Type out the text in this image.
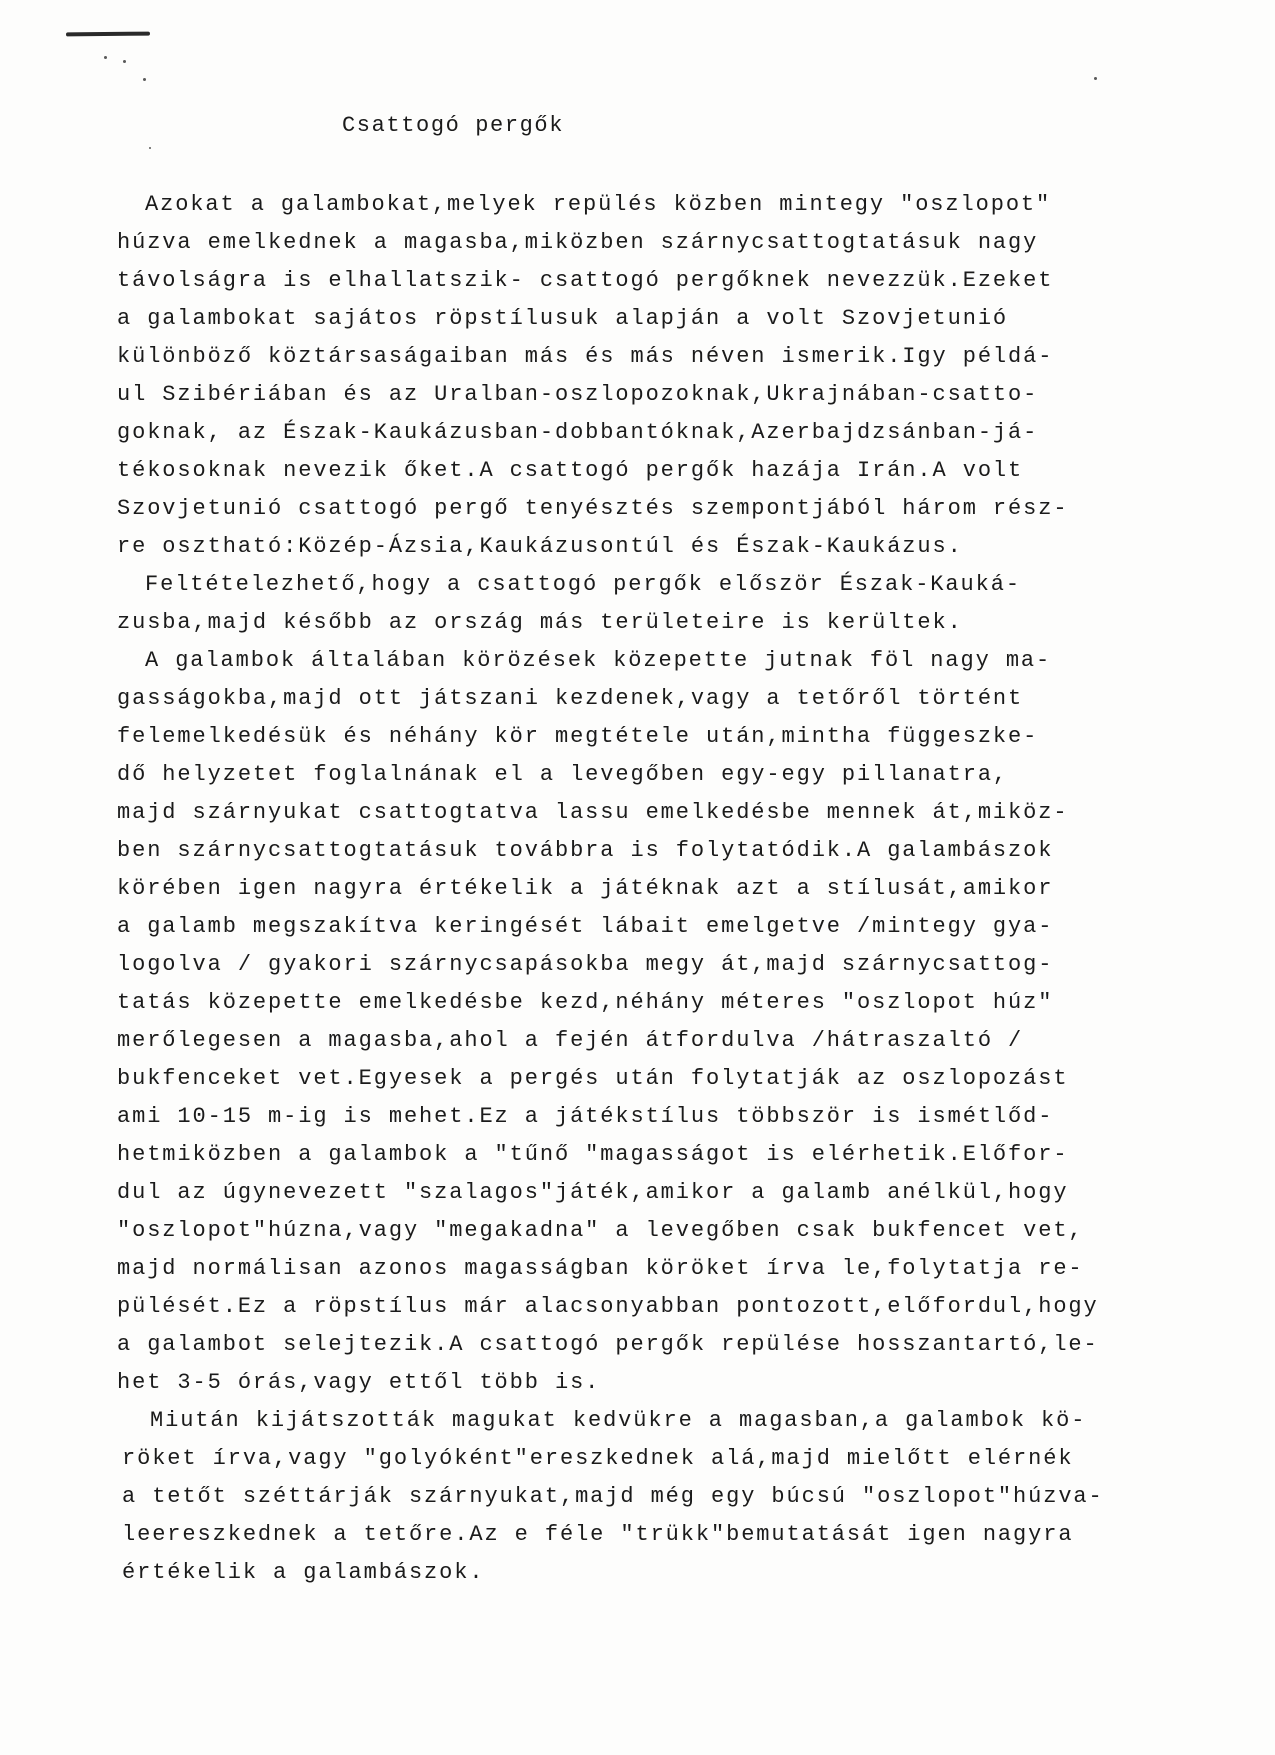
Csattogó pergők
Azokat a galambokat,melyek repülés közben mintegy "oszlopot"
húzva emelkednek a magasba,miközben szárnycsattogtatásuk nagy
távolságra is elhallatszik- csattogó pergőknek nevezzük.Ezeket
a galambokat sajátos röpstílusuk alapján a volt Szovjetunió
különböző köztársaságaiban más és más néven ismerik.Igy példá-
ul Szibériában és az Uralban-oszlopozoknak,Ukrajnában-csatto-
goknak, az Észak-Kaukázusban-dobbantóknak,Azerbajdzsánban-já-
tékosoknak nevezik őket.A csattogó pergők hazája Irán.A volt
Szovjetunió csattogó pergő tenyésztés szempontjából három rész-
re osztható:Közép-Ázsia,Kaukázusontúl és Észak-Kaukázus.
Feltételezhető,hogy a csattogó pergők először Észak-Kauká-
zusba,majd később az ország más területeire is kerültek.
A galambok általában körözések közepette jutnak föl nagy ma-
gasságokba,majd ott játszani kezdenek,vagy a tetőről történt
felemelkedésük és néhány kör megtétele után,mintha függeszke-
dő helyzetet foglalnának el a levegőben egy-egy pillanatra,
majd szárnyukat csattogtatva lassu emelkedésbe mennek át,miköz-
ben szárnycsattogtatásuk továbbra is folytatódik.A galambászok
körében igen nagyra értékelik a játéknak azt a stílusát,amikor
a galamb megszakítva keringését lábait emelgetve /mintegy gya-
logolva / gyakori szárnycsapásokba megy át,majd szárnycsattog-
tatás közepette emelkedésbe kezd,néhány méteres "oszlopot húz"
merőlegesen a magasba,ahol a fején átfordulva /hátraszaltó /
bukfenceket vet.Egyesek a pergés után folytatják az oszlopozást
ami 10-15 m-ig is mehet.Ez a játékstílus többször is ismétlőd-
hetmiközben a galambok a "tűnő "magasságot is elérhetik.Előfor-
dul az úgynevezett "szalagos"játék,amikor a galamb anélkül,hogy
"oszlopot"húzna,vagy "megakadna" a levegőben csak bukfencet vet,
majd normálisan azonos magasságban köröket írva le,folytatja re-
pülését.Ez a röpstílus már alacsonyabban pontozott,előfordul,hogy
a galambot selejtezik.A csattogó pergők repülése hosszantartó,le-
het 3-5 órás,vagy ettől több is.
Miután kijátszották magukat kedvükre a magasban,a galambok kö-
röket írva,vagy "golyóként"ereszkednek alá,majd mielőtt elérnék
a tetőt széttárják szárnyukat,majd még egy búcsú "oszlopot"húzva-
leereszkednek a tetőre.Az e féle "trükk"bemutatását igen nagyra
értékelik a galambászok.
